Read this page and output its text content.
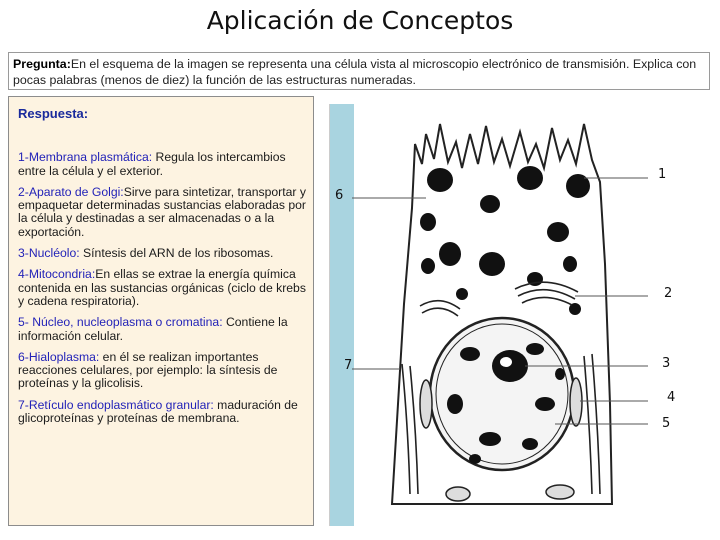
Aplicación de Conceptos
Pregunta:En el esquema de la imagen se representa una célula vista al microscopio electrónico de transmisión. Explica con pocas palabras (menos de diez) la función de las estructuras numeradas.
Respuesta:
1-Membrana plasmática: Regula los intercambios entre la célula y el exterior.
2-Aparato de Golgi:Sirve para sintetizar, transportar y empaquetar determinadas sustancias elaboradas por la célula y destinadas a ser almacenadas o a la exportación.
3-Nucléolo: Síntesis del ARN de los ribosomas.
4-Mitocondria:En ellas se extrae la energía química contenida en las sustancias orgánicas (ciclo de krebs y cadena respiratoria).
5- Núcleo, nucleoplasma o cromatina: Contiene la información celular.
6-Hialoplasma: en él se realizan importantes reacciones celulares, por ejemplo: la síntesis de proteínas y la glicolisis.
7-Retículo endoplasmático granular: maduración de glicoproteínas y proteínas de membrana.
1
2
3
4
5
6
7
